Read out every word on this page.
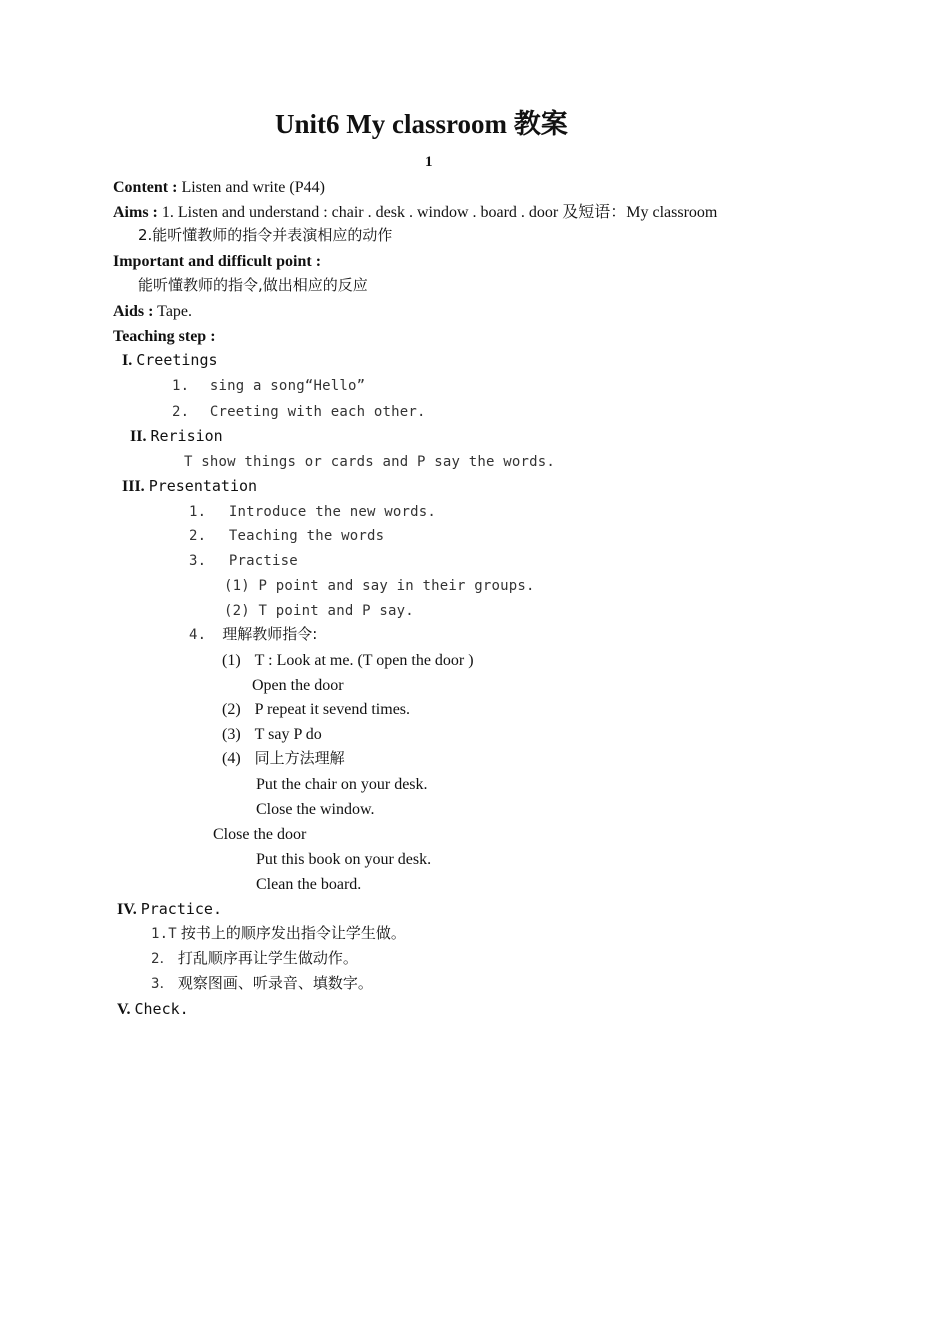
Unit6 My classroom 教案
1
Content : Listen and write (P44)
Aims : 1. Listen and understand : chair . desk . window . board . door 及短语：My classroom
2.能听懂教师的指令并表演相应的动作
Important and difficult point :
能听懂教师的指令,做出相应的反应
Aids : Tape.
Teaching step :
I. Creetings
1. sing a song“Hello”
2. Creeting with each other.
II. Rerision
T show things or cards and P say the words.
III. Presentation
1. Introduce the new words.
2. Teaching the words
3. Practise
(1) P point and say in their groups.
(2) T point and P say.
4. 理解教师指令:
(1) T : Look at me. (T open the door )
Open the door
(2) P repeat it sevend times.
(3) T say P do
(4) 同上方法理解
Put the chair on your desk.
Close the window.
Close the door
Put this book on your desk.
Clean the board.
IV. Practice.
1.T 按书上的顺序发出指令让学生做。
2． 打乱顺序再让学生做动作。
3． 观察图画、听录音、填数字。
V. Check.
